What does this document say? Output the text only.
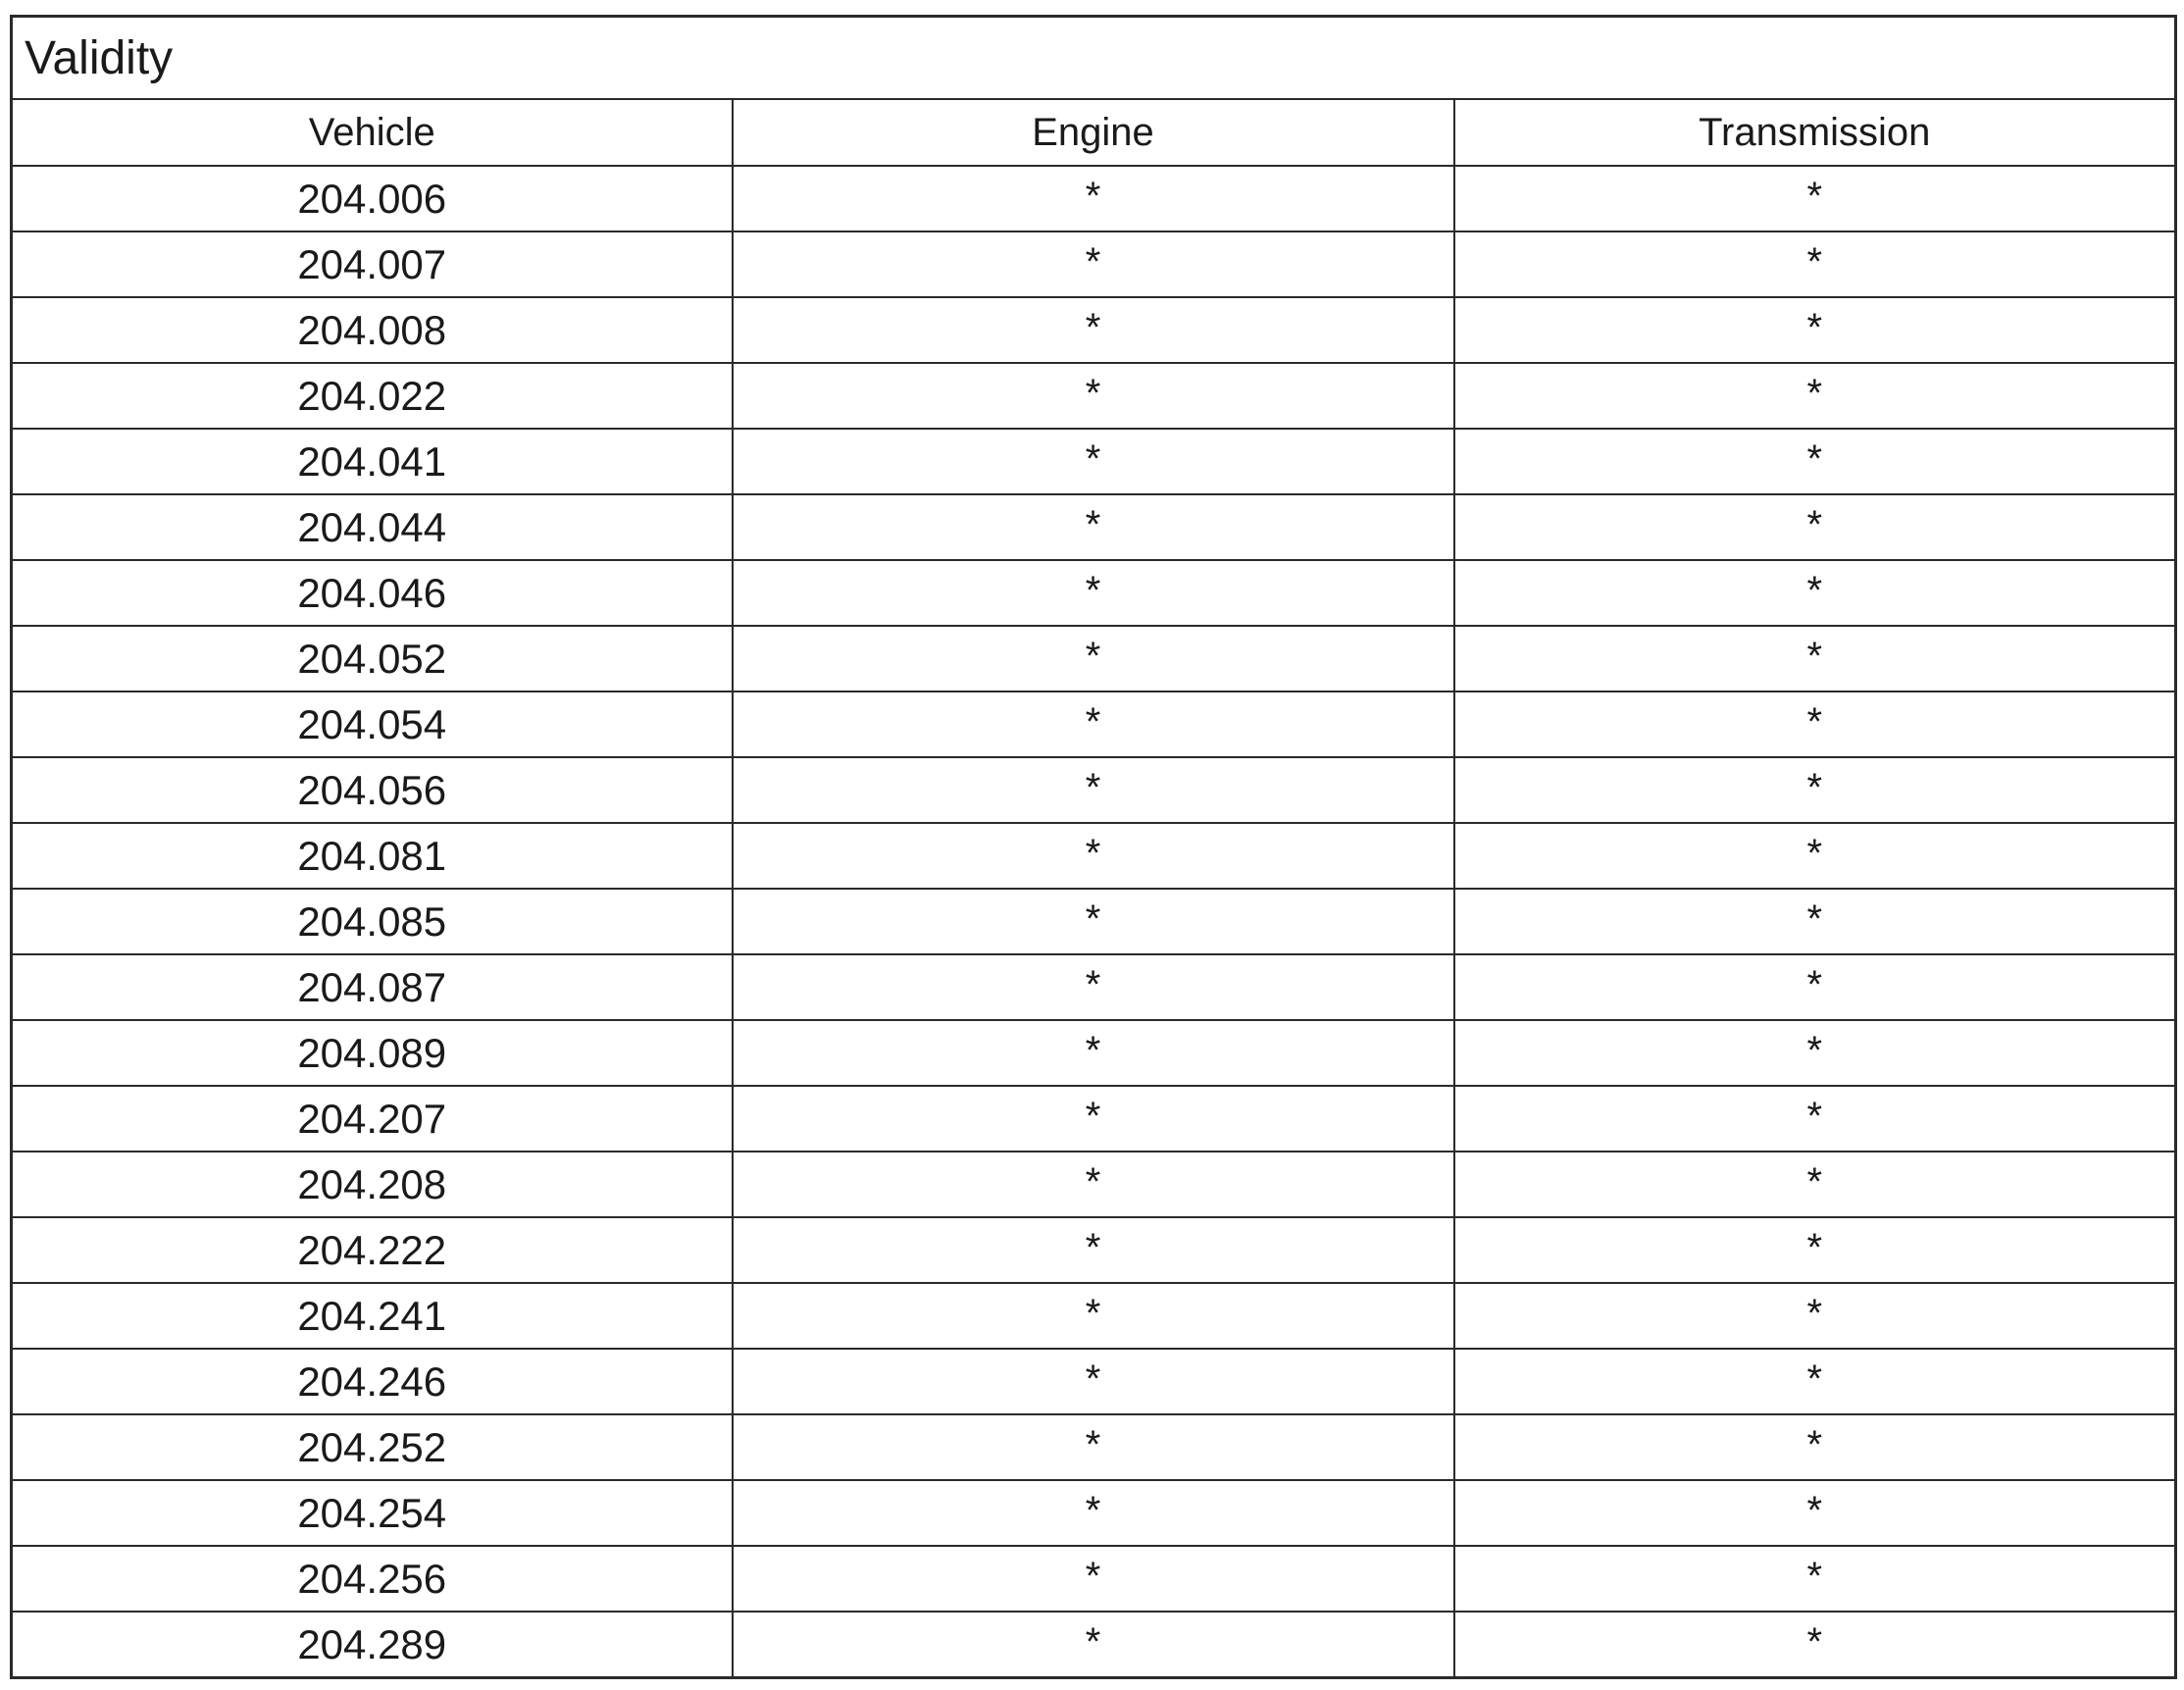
Validity		
Vehicle	Engine	Transmission
204.006	*	*
204.007	*	*
204.008	*	*
204.022	*	*
204.041	*	*
204.044	*	*
204.046	*	*
204.052	*	*
204.054	*	*
204.056	*	*
204.081	*	*
204.085	*	*
204.087	*	*
204.089	*	*
204.207	*	*
204.208	*	*
204.222	*	*
204.241	*	*
204.246	*	*
204.252	*	*
204.254	*	*
204.256	*	*
204.289	*	*
